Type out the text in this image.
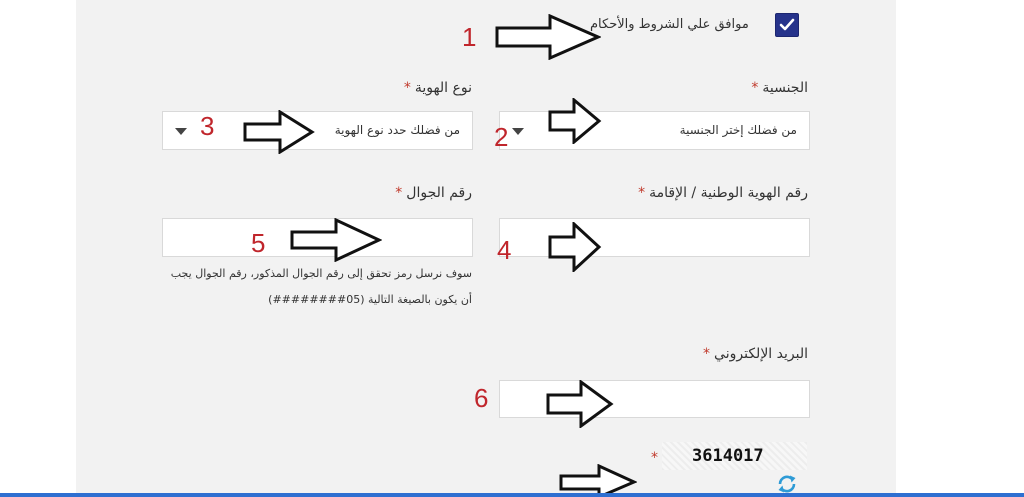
موافق علي الشروط والأحكام
الجنسية*
من فضلك إختر الجنسية
نوع الهوية*
من فضلك حدد نوع الهوية
رقم الهوية الوطنية / الإقامة*
رقم الجوال*
سوف نرسل رمز تحقق إلى رقم الجوال المذكور، رقم الجوال يجب
أن يكون بالصيغة التالية (05########)
البريد الإلكتروني*
* 3614017
1
2
3
4
5
6
